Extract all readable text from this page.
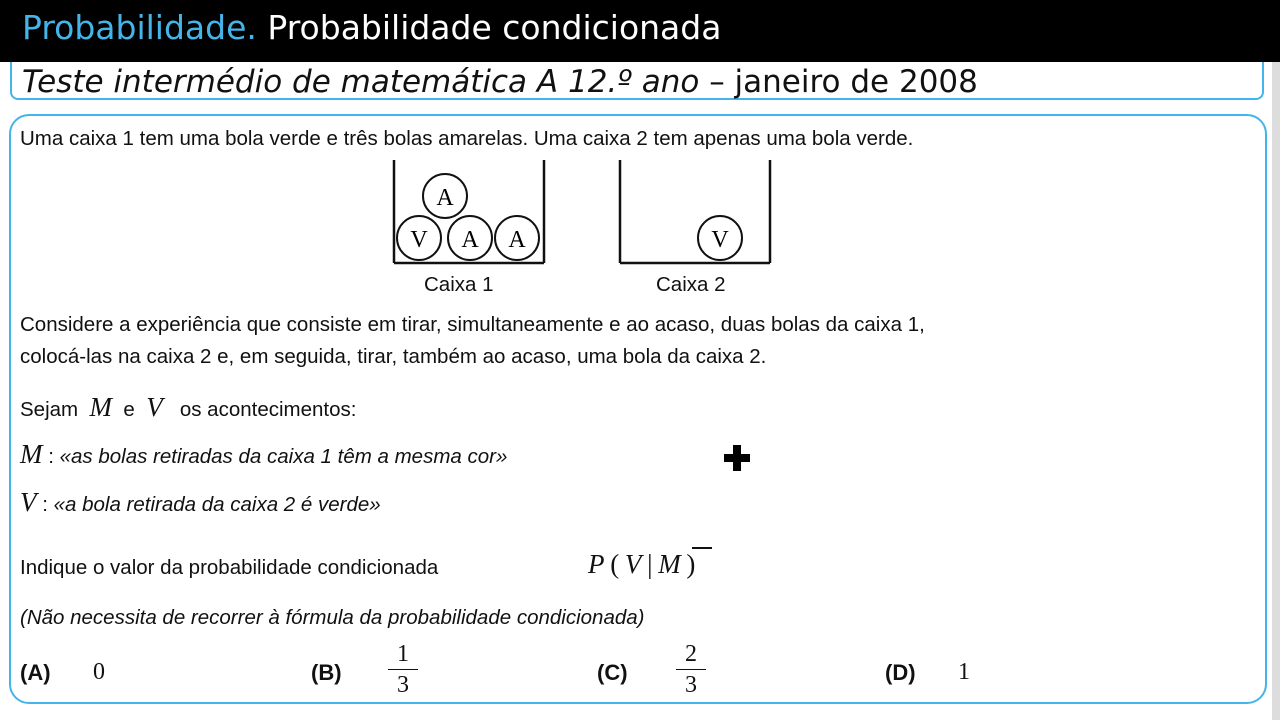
Probabilidade. Probabilidade condicionada
Teste intermédio de matemática A 12.º ano – janeiro de 2008
Uma caixa 1 tem uma bola verde e três bolas amarelas. Uma caixa 2 tem apenas uma bola verde.
A
V A A	V
Caixa 1	Caixa 2
Considere a experiência que consiste em tirar, simultaneamente e ao acaso, duas bolas da caixa 1,
colocá-las na caixa 2 e, em seguida, tirar, também ao acaso, uma bola da caixa 2.
Sejam M e V os acontecimentos:
M : «as bolas retiradas da caixa 1 têm a mesma cor»
V : «a bola retirada da caixa 2 é verde»
Indique o valor da probabilidade condicionada	P ( V | M )
(Não necessita de recorrer à fórmula da probabilidade condicionada)
(A) 0	(B)
1
3	(C)
2
3	(D) 1
